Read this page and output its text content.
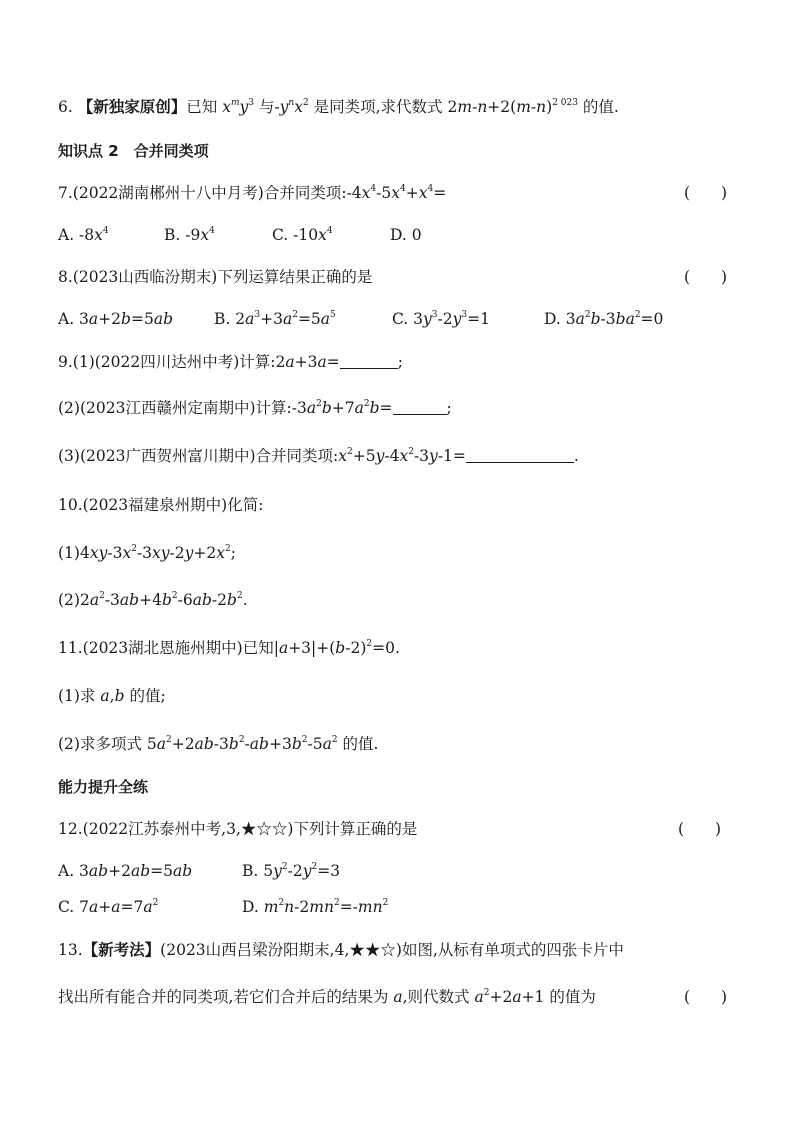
6. 【新独家原创】已知 $x^my^3$ 与$-y^nx^2$ 是同类项,求代数式 $2m-n+2(m-n)^{2 023}$ 的值.
知识点 2　合并同类项
7.(2022湖南郴州十八中月考)合并同类项$:-4x^4-5x^4+x^4=$	(　　)
A. $-8x^4$	B. $-9x^4$	C. $-10x^4$	D. 0
8.(2023山西临汾期末)下列运算结果正确的是	(　　)
A. 3a+2b=5ab	B. $2a^3+3a^2=5a^5$	C. $3y^3-2y^3=1$	D. $3a^2b-3ba^2=0$
9.(1)(2022四川达州中考)计算:2a+3a=	;
(2)(2023江西赣州定南期中)计算$:-3a^2b+7a^2b=$	;
(3)(2023广西贺州富川期中)合并同类项$:x^2+5y-4x^2-3y-1=$	.
10.(2023福建泉州期中)化简:
$(1)4xy-3x^2-3xy-2y+2x^2$;
$(2)2a^2-3ab+4b^2-6ab-2b^2$.
11.(2023湖北恩施州期中)已知$|a+3|+(b-2)^2=0$.
(1)求 a,b 的值;
(2)求多项式 $5a^2+2ab-3b^2-ab+3b^2-5a^2$ 的值.
能力提升全练
12.(2022江苏泰州中考,3,★☆☆)下列计算正确的是	(　　)
A. 3ab+2ab=5ab	B. $5y^2-2y^2=3$
C. $7a+a=7a^2$	D. $m^2n-2mn^2=-mn^2$
13.【新考法】(2023山西吕梁汾阳期末,4,★★☆)如图,从标有单项式的四张卡片中
找出所有能合并的同类项,若它们合并后的结果为 a,则代数式 $a^2+2a+1$ 的值为	(　　)
